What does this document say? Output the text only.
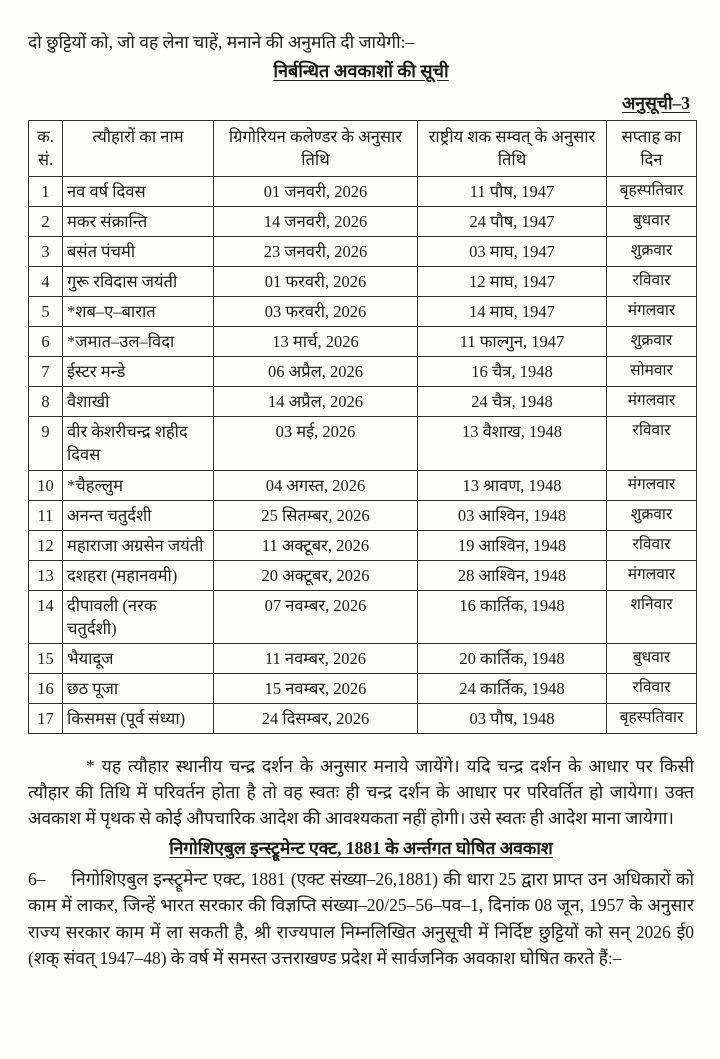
दो छुट्टियों को, जो वह लेना चाहें, मनाने की अनुमति दी जायेगी:–

निर्बन्धित अवकाशों की सूची

अनुसूची–3

क.
सं.	त्यौहारों का नाम	ग्रिगोरियन कलेण्डर के अनुसार तिथि	राष्ट्रीय शक सम्वत् के अनुसार तिथि	सप्ताह का दिन
1	नव वर्ष दिवस	01 जनवरी, 2026	11 पौष, 1947	बृहस्पतिवार
2	मकर संक्रान्ति	14 जनवरी, 2026	24 पौष, 1947	बुधवार
3	बसंत पंचमी	23 जनवरी, 2026	03 माघ, 1947	शुक्रवार
4	गुरू रविदास जयंती	01 फरवरी, 2026	12 माघ, 1947	रविवार
5	*शब–ए–बारात	03 फरवरी, 2026	14 माघ, 1947	मंगलवार
6	*जमात–उल–विदा	13 मार्च, 2026	11 फाल्गुन, 1947	शुक्रवार
7	ईस्टर मन्डे	06 अप्रैल, 2026	16 चैत्र, 1948	सोमवार
8	वैशाखी	14 अप्रैल, 2026	24 चैत्र, 1948	मंगलवार
9	वीर केशरीचन्द्र शहीद दिवस	03 मई, 2026	13 वैशाख, 1948	रविवार
10	*चैहल्लुम	04 अगस्त, 2026	13 श्रावण, 1948	मंगलवार
11	अनन्त चतुर्दशी	25 सितम्बर, 2026	03 आश्विन, 1948	शुक्रवार
12	महाराजा अग्रसेन जयंती	11 अक्टूबर, 2026	19 आश्विन, 1948	रविवार
13	दशहरा (महानवमी)	20 अक्टूबर, 2026	28 आश्विन, 1948	मंगलवार
14	दीपावली (नरक चतुर्दशी)	07 नवम्बर, 2026	16 कार्तिक, 1948	शनिवार
15	भैयादूज	11 नवम्बर, 2026	20 कार्तिक, 1948	बुधवार
16	छठ पूजा	15 नवम्बर, 2026	24 कार्तिक, 1948	रविवार
17	किसमस (पूर्व संध्या)	24 दिसम्बर, 2026	03 पौष, 1948	बृहस्पतिवार

* यह त्यौहार स्थानीय चन्द्र दर्शन के अनुसार मनाये जायेंगे। यदि चन्द्र दर्शन के आधार पर किसी त्यौहार की तिथि में परिवर्तन होता है तो वह स्वतः ही चन्द्र दर्शन के आधार पर परिवर्तित हो जायेगा। उक्त अवकाश में पृथक से कोई औपचारिक आदेश की आवश्यकता नहीं होगी। उसे स्वतः ही आदेश माना जायेगा।

निगोशिएबुल इन्स्ट्रूमेन्ट एक्ट, 1881 के अर्न्तगत घोषित अवकाश

6– निगोशिएबुल इन्स्ट्रूमेन्ट एक्ट, 1881 (एक्ट संख्या–26,1881) की धारा 25 द्वारा प्राप्त उन अधिकारों को काम में लाकर, जिन्हें भारत सरकार की विज्ञप्ति संख्या–20/25–56–पव–1, दिनांक 08 जून, 1957 के अनुसार राज्य सरकार काम में ला सकती है, श्री राज्यपाल निम्नलिखित अनुसूची में निर्दिष्ट छुट्टियों को सन् 2026 ई0 (शक् संवत् 1947–48) के वर्ष में समस्त उत्तराखण्ड प्रदेश में सार्वजनिक अवकाश घोषित करते हैं:–
